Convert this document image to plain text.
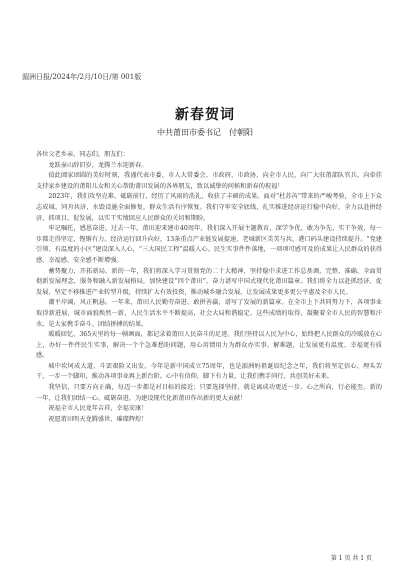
湄洲日报/2024年/2月/10日/第 001版
新春贺词
中共莆田市委书记　付朝阳

各位父老乡亲，同志们，朋友们：

龙跃壶山辞旧岁，龙腾兰水迎新春。

值此阖家团圆的美好时刻，我谨代表市委、市人大常委会、市政府、市政协，向全市人民，向广大驻莆部队官兵，向牵挂支持家乡建设的莆阳儿女和关心帮助莆田发展的各界朋友，致以诚挚的问候和新春的祝福！

2023年，我们攻坚克难、砥砺前行，经历了风雨的洗礼，收获了丰硕的成果。面对“杜苏芮”带来的严峻考验，全市上下众志成城、同舟共济，水毁设施全面修复，群众生活有序恢复。我们守牢安全底线，扎实推进经济运行稳中向好，全力以赴拼经济、抓项目、促发展，以实干实绩回应人民群众的关切和期盼。

牢记嘱托，感恩奋进。过去一年，莆田迎来建市40周年，我们深入开展主题教育，深学争优、敢为争先、实干争效，每一步都走得坚定、铿锵有力。经济运行回升向好，13条重点产业链发展提速，老城新区美美与共，港口码头建设持续提升。“党建引领、有温度的小区”建设深入人心，“三大国民工程”温暖人心。民生实事件件落地，一项项可感可及的成果让人民群众的获得感、幸福感、安全感不断增强。

蓄势聚力，开拓新局。新的一年，我们将深入学习贯彻党的二十大精神，坚持稳中求进工作总基调，完整、准确、全面贯彻新发展理念，服务和融入新发展格局，加快建设“四个莆田”，奋力谱写中国式现代化莆田篇章。我们将全力以赴抓经济、促发展，坚定不移推进产业转型升级，持续扩大有效投资，推动城乡融合发展，让发展成果更多更公平惠及全市人民。

潮平岸阔，风正帆悬。一年来，莆田人民勤劳奋进、敢拼善赢，谱写了发展的新篇章。在全市上下共同努力下，各项事业取得新进展，城市面貌焕然一新，人民生活水平不断提高，社会大局和谐稳定。这些成绩的取得，凝聚着全市人民的智慧和汗水，是大家携手奋斗、团结拼搏的结果。

暖暖回忆，365天里的每一帧画面，都记录着莆田人民奋斗的足迹。我们坚持以人民为中心，始终把人民群众的冷暖放在心上，办好一件件民生实事，解决一个个急难愁盼问题，用心用情用力为群众办实事、解难题，让发展更有温度、幸福更有质感。

城中坎坷成大道，斗罢艰险又出发。今年是新中国成立75周年，也是湄洲妈祖诞辰纪念之年，我们将坚定信心、埋头苦干，一步一个脚印，推动各项事业再上新台阶。心中有信仰，脚下有力量，让我们携手同行，共创美好未来。

我坚信，只要方向正确，每迈一步都是对目标的接近；只要选择坚持，就是离成功更近一步。心之所向，行必能至。新的一年，让我们团结一心、砥砺奋进，为建设现代化新莆田作出新的更大贡献！

祝福全市人民龙年吉祥，幸福安康！

祝愿莆田明天龙腾盛世、璀璨辉煌！

第 1 页 共 1 页
